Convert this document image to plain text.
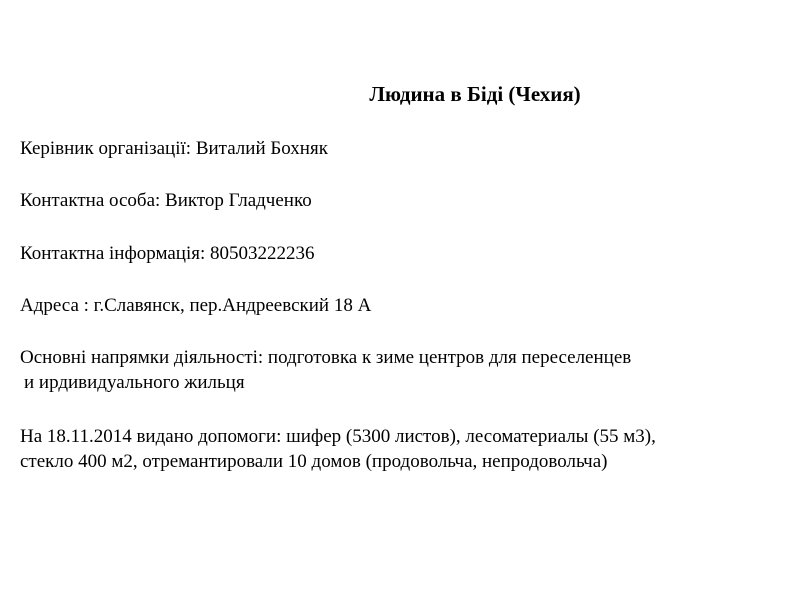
Людина в Біді (Чехия)
Керівник організації: Виталий Бохняк
Контактна особа: Виктор Гладченко
Контактна інформація: 80503222236
Адреса : г.Славянск, пер.Андреевский 18 А
Основні напрямки діяльності: подготовка к зиме центров для переселенцев
и ирдивидуального жильця
На 18.11.2014 видано допомоги: шифер (5300 листов), лесоматериалы (55 м3),
стекло 400 м2, отремантировали 10 домов (продовольча, непродовольча)
